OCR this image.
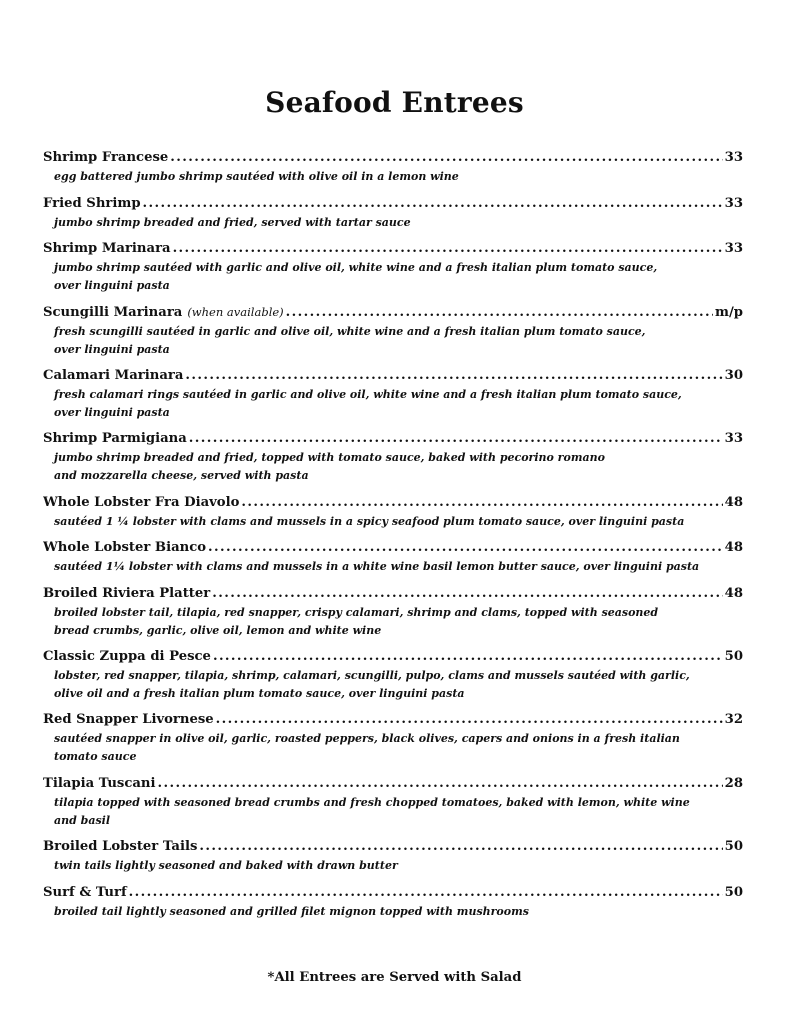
Seafood Entrees
Shrimp Francese .....	33

egg battered jumbo shrimp sautéed with olive oil in a lemon wine

Fried Shrimp .....	33

jumbo shrimp breaded and fried, served with tartar sauce

Shrimp Marinara .....	33

jumbo shrimp sautéed with garlic and olive oil, white wine and a fresh italian plum tomato sauce,
over linguini pasta

Scungilli Marinara (when available) .....	m/p

fresh scungilli sautéed in garlic and olive oil, white wine and a fresh italian plum tomato sauce,
over linguini pasta

Calamari Marinara .....	30

fresh calamari rings sautéed in garlic and olive oil, white wine and a fresh italian plum tomato sauce,
over linguini pasta

Shrimp Parmigiana .....	33

jumbo shrimp breaded and fried, topped with tomato sauce, baked with pecorino romano
and mozzarella cheese, served with pasta

Whole Lobster Fra Diavolo .....	48

sautéed 1 ¼ lobster with clams and mussels in a spicy seafood plum tomato sauce, over linguini pasta

Whole Lobster Bianco .....	48

sautéed 1¼ lobster with clams and mussels in a white wine basil lemon butter sauce, over linguini pasta

Broiled Riviera Platter .....	48

broiled lobster tail, tilapia, red snapper, crispy calamari, shrimp and clams, topped with seasoned
bread crumbs, garlic, olive oil, lemon and white wine

Classic Zuppa di Pesce .....	50

lobster, red snapper, tilapia, shrimp, calamari, scungilli, pulpo, clams and mussels sautéed with garlic,
olive oil and a fresh italian plum tomato sauce, over linguini pasta

Red Snapper Livornese .....	32

sautéed snapper in olive oil, garlic, roasted peppers, black olives, capers and onions in a fresh italian
tomato sauce

Tilapia Tuscani .....	28

tilapia topped with seasoned bread crumbs and fresh chopped tomatoes, baked with lemon, white wine
and basil

Broiled Lobster Tails .....	50

twin tails lightly seasoned and baked with drawn butter

Surf & Turf .....	50

broiled tail lightly seasoned and grilled filet mignon topped with mushrooms

*All Entrees are Served with Salad
